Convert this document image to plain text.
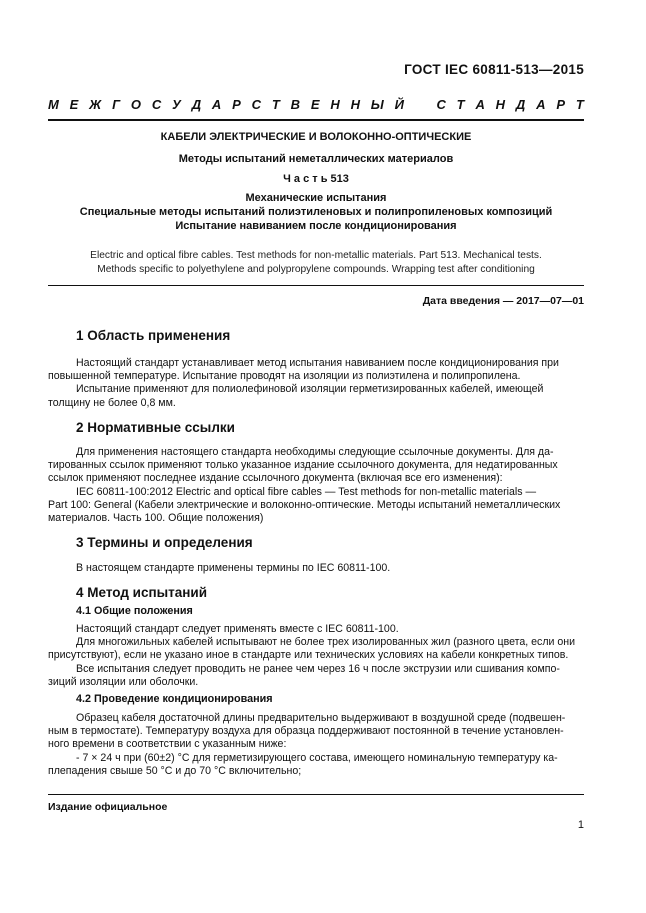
ГОСТ IEC 60811-513—2015
М Е Ж Г О С У Д А Р С Т В Е Н Н Ы Й С Т А Н Д А Р Т
КАБЕЛИ ЭЛЕКТРИЧЕСКИЕ И ВОЛОКОННО-ОПТИЧЕСКИЕ
Методы испытаний неметаллических материалов
Ч а с т ь 513
Механические испытания
Специальные методы испытаний полиэтиленовых и полипропиленовых композиций
Испытание навиванием после кондиционирования
Electric and optical fibre cables. Test methods for non-metallic materials. Part 513. Mechanical tests.
Methods specific to polyethylene and polypropylene compounds. Wrapping test after conditioning
Дата введения — 2017—07—01
1 Область применения
Настоящий стандарт устанавливает метод испытания навиванием после кондиционирования при
повышенной температуре. Испытание проводят на изоляции из полиэтилена и полипропилена.
Испытание применяют для полиолефиновой изоляции герметизированных кабелей, имеющей
толщину не более 0,8 мм.
2 Нормативные ссылки
Для применения настоящего стандарта необходимы следующие ссылочные документы. Для да-
тированных ссылок применяют только указанное издание ссылочного документа, для недатированных
ссылок применяют последнее издание ссылочного документа (включая все его изменения):
IEC 60811-100:2012 Electric and optical fibre cables — Test methods for non-metallic materials —
Part 100: General (Кабели электрические и волоконно-оптические. Методы испытаний неметаллических
материалов. Часть 100. Общие положения)
3 Термины и определения
В настоящем стандарте применены термины по IEC 60811-100.
4 Метод испытаний
4.1 Общие положения
Настоящий стандарт следует применять вместе с IEC 60811-100.
Для многожильных кабелей испытывают не более трех изолированных жил (разного цвета, если они
присутствуют), если не указано иное в стандарте или технических условиях на кабели конкретных типов.
Все испытания следует проводить не ранее чем через 16 ч после экструзии или сшивания компо-
зиций изоляции или оболочки.
4.2 Проведение кондиционирования
Образец кабеля достаточной длины предварительно выдерживают в воздушной среде (подвешен-
ным в термостате). Температуру воздуха для образца поддерживают постоянной в течение установлен-
ного времени в соответствии с указанным ниже:
- 7 × 24 ч при (60±2) °С для герметизирующего состава, имеющего номинальную температуру ка-
плепадения свыше 50 °С и до 70 °С включительно;
Издание официальное
1
